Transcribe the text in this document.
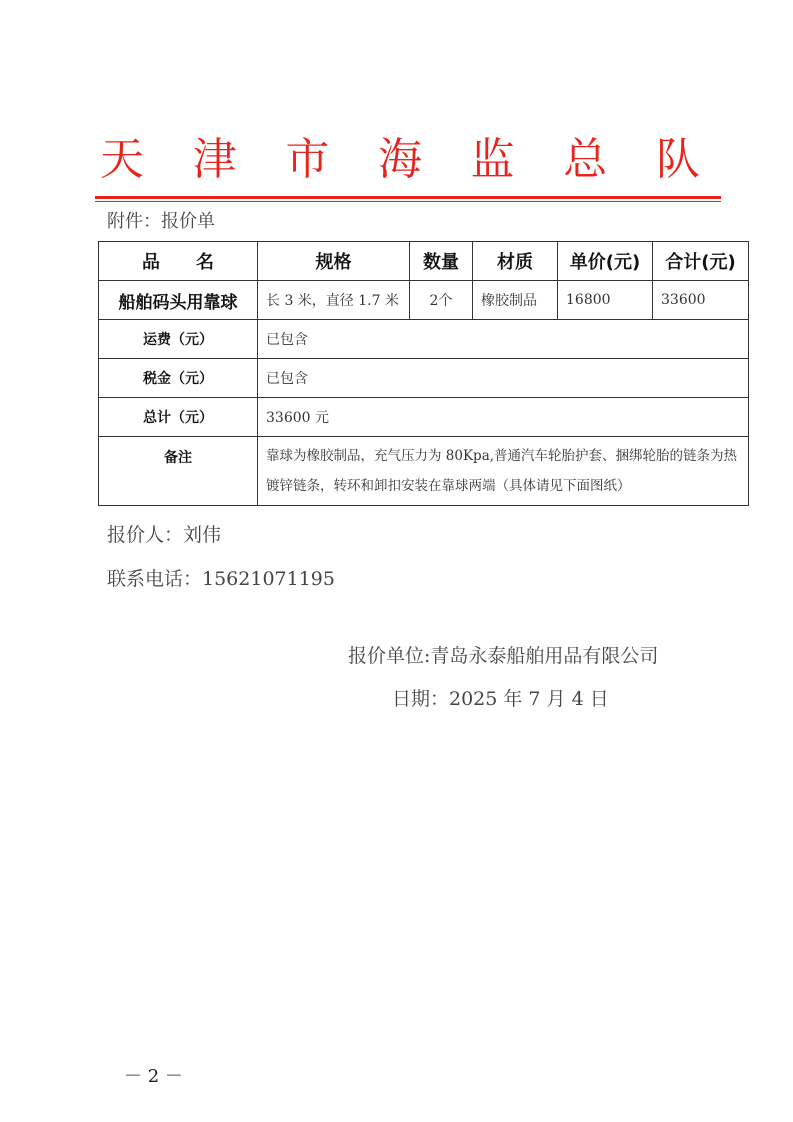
天 津 市 海 监 总 队
附件：报价单
品　　名	规格	数量	材质	单价(元)	合计(元)
船舶码头用靠球	长 3 米，直径 1.7 米	2个	橡胶制品	16800	33600
运费（元）	已包含				
税金（元）	已包含				
总计（元）	33600 元				
备注	靠球为橡胶制品，充气压力为 80Kpa,普通汽车轮胎护套、捆绑轮胎的链条为热镀锌链条，转环和卸扣安装在靠球两端（具体请见下面图纸）				
报价人：刘伟
联系电话：15621071195
报价单位:青岛永泰船舶用品有限公司
日期：2025 年 7 月 4 日
－ 2 －
